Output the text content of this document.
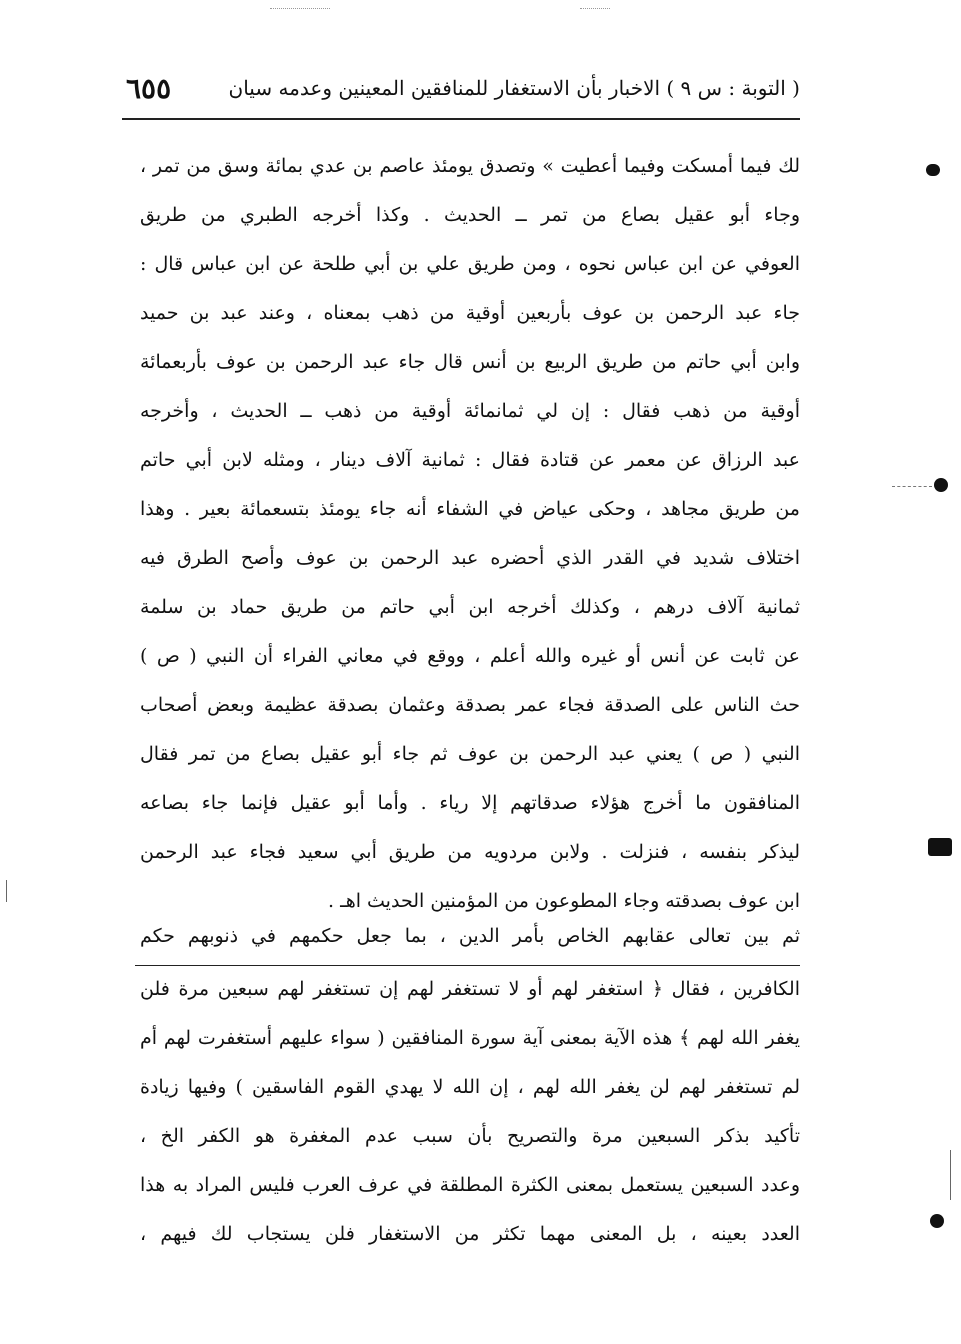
( التوبة : س ٩ ) الاخبار بأن الاستغفار للمنافقين المعينين وعدمه سيان
٦٥٥
لك فيما أمسكت وفيما أعطيت » وتصدق يومئذ عاصم بن عدي بمائة وسق من تمر ،
وجاء أبو عقيل بصاع من تمر ــ الحديث . وكذا أخرجه الطبري من طريق
العوفي عن ابن عباس نحوه ، ومن طريق علي بن أبي طلحة عن ابن عباس قال :
جاء عبد الرحمن بن عوف بأربعين أوقية من ذهب بمعناه ، وعند عبد بن حميد
وابن أبي حاتم من طريق الربيع بن أنس قال جاء عبد الرحمن بن عوف بأربعمائة
أوقية من ذهب فقال : إن لي ثمانمائة أوقية من ذهب ــ الحديث ، وأخرجه
عبد الرزاق عن معمر عن قتادة فقال : ثمانية آلاف دينار ، ومثله لابن أبي حاتم
من طريق مجاهد ، وحكى عياض في الشفاء أنه جاء يومئذ بتسعمائة بعير . وهذا
اختلاف شديد في القدر الذي أحضره عبد الرحمن بن عوف وأصح الطرق فيه
ثمانية آلاف درهم ، وكذلك أخرجه ابن أبي حاتم من طريق حماد بن سلمة
عن ثابت عن أنس أو غيره والله أعلم ، ووقع في معاني الفراء أن النبي ( ص )
حث الناس على الصدقة فجاء عمر بصدقة وعثمان بصدقة عظيمة وبعض أصحاب
النبي ( ص ) يعني عبد الرحمن بن عوف ثم جاء أبو عقيل بصاع من تمر فقال
المنافقون ما أخرج هؤلاء صدقاتهم إلا رياء . وأما أبو عقيل فإنما جاء بصاعه
ليذكر بنفسه ، فنزلت . ولابن مردويه من طريق أبي سعيد فجاء عبد الرحمن
ابن عوف بصدقته وجاء المطوعون من المؤمنين الحديث اهـ .
ثم بين تعالى عقابهم الخاص بأمر الدين ، بما جعل حكمهم في ذنوبهم حكم
الكافرين ، فقال ﴿ استغفر لهم أو لا تستغفر لهم إن تستغفر لهم سبعين مرة فلن
يغفر الله لهم ﴾ هذه الآية بمعنى آية سورة المنافقين ( سواء عليهم أستغفرت لهم أم
لم تستغفر لهم لن يغفر الله لهم ، إن الله لا يهدي القوم الفاسقين ) وفيها زيادة
تأكيد بذكر السبعين مرة والتصريح بأن سبب عدم المغفرة هو الكفر الخ ،
وعدد السبعين يستعمل بمعنى الكثرة المطلقة في عرف العرب فليس المراد به هذا
العدد بعينه ، بل المعنى مهما تكثر من الاستغفار فلن يستجاب لك فيهم ،
